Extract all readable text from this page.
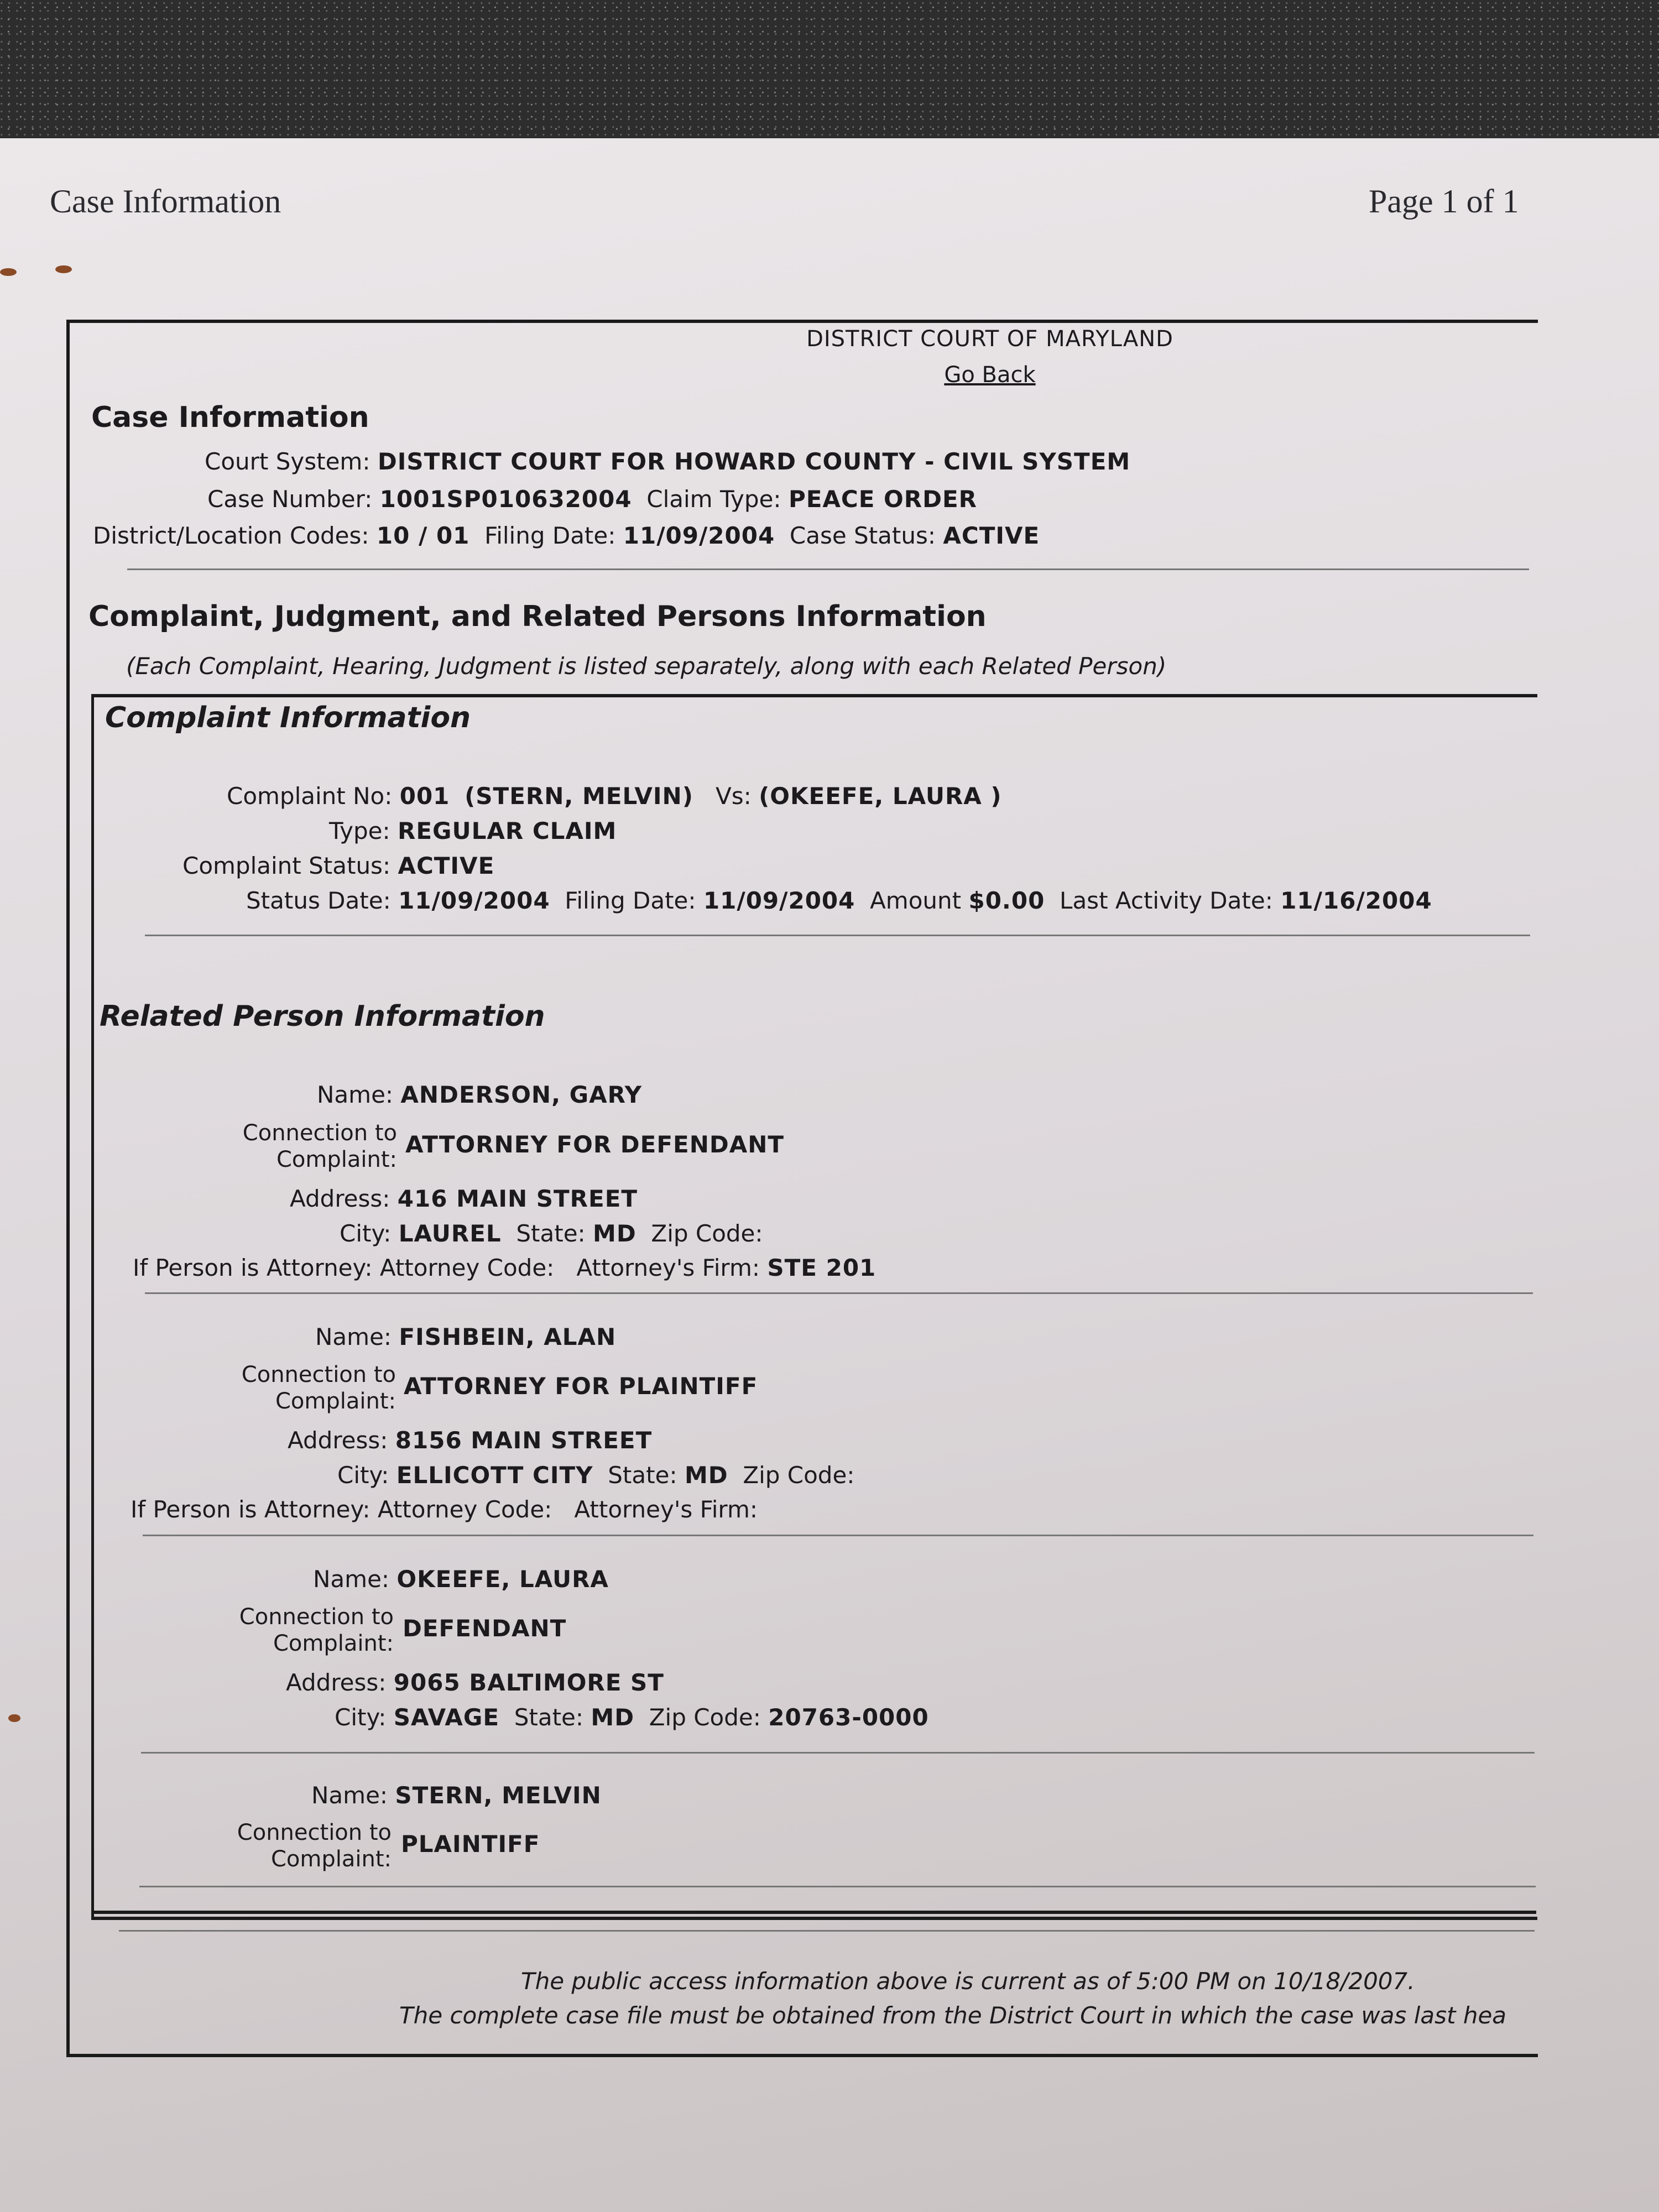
Case Information	Page 1 of 1
DISTRICT COURT OF MARYLAND
Go Back
Case Information
Court System: DISTRICT COURT FOR HOWARD COUNTY - CIVIL SYSTEM
Case Number: 1001SP010632004 Claim Type: PEACE ORDER
District/Location Codes: 10 / 01 Filing Date: 11/09/2004 Case Status: ACTIVE
Complaint, Judgment, and Related Persons Information
(Each Complaint, Hearing, Judgment is listed separately, along with each Related Person)
Complaint Information
Complaint No: 001 (STERN, MELVIN) Vs: (OKEEFE, LAURA )
Type: REGULAR CLAIM
Complaint Status: ACTIVE
Status Date: 11/09/2004 Filing Date: 11/09/2004 Amount $0.00 Last Activity Date: 11/16/2004
Related Person Information
Name: ANDERSON, GARY
Connection to
Complaint:
ATTORNEY FOR DEFENDANT
Address: 416 MAIN STREET
City: LAUREL State: MD Zip Code:
If Person is Attorney: Attorney Code: Attorney's Firm: STE 201
Name: FISHBEIN, ALAN
Connection to
Complaint:
ATTORNEY FOR PLAINTIFF
Address: 8156 MAIN STREET
City: ELLICOTT CITY State: MD Zip Code:
If Person is Attorney: Attorney Code: Attorney's Firm:
Name: OKEEFE, LAURA
Connection to
Complaint:
DEFENDANT
Address: 9065 BALTIMORE ST
City: SAVAGE State: MD Zip Code: 20763-0000
Name: STERN, MELVIN
Connection to
Complaint:
PLAINTIFF
The public access information above is current as of 5:00 PM on 10/18/2007.
The complete case file must be obtained from the District Court in which the case was last hea
